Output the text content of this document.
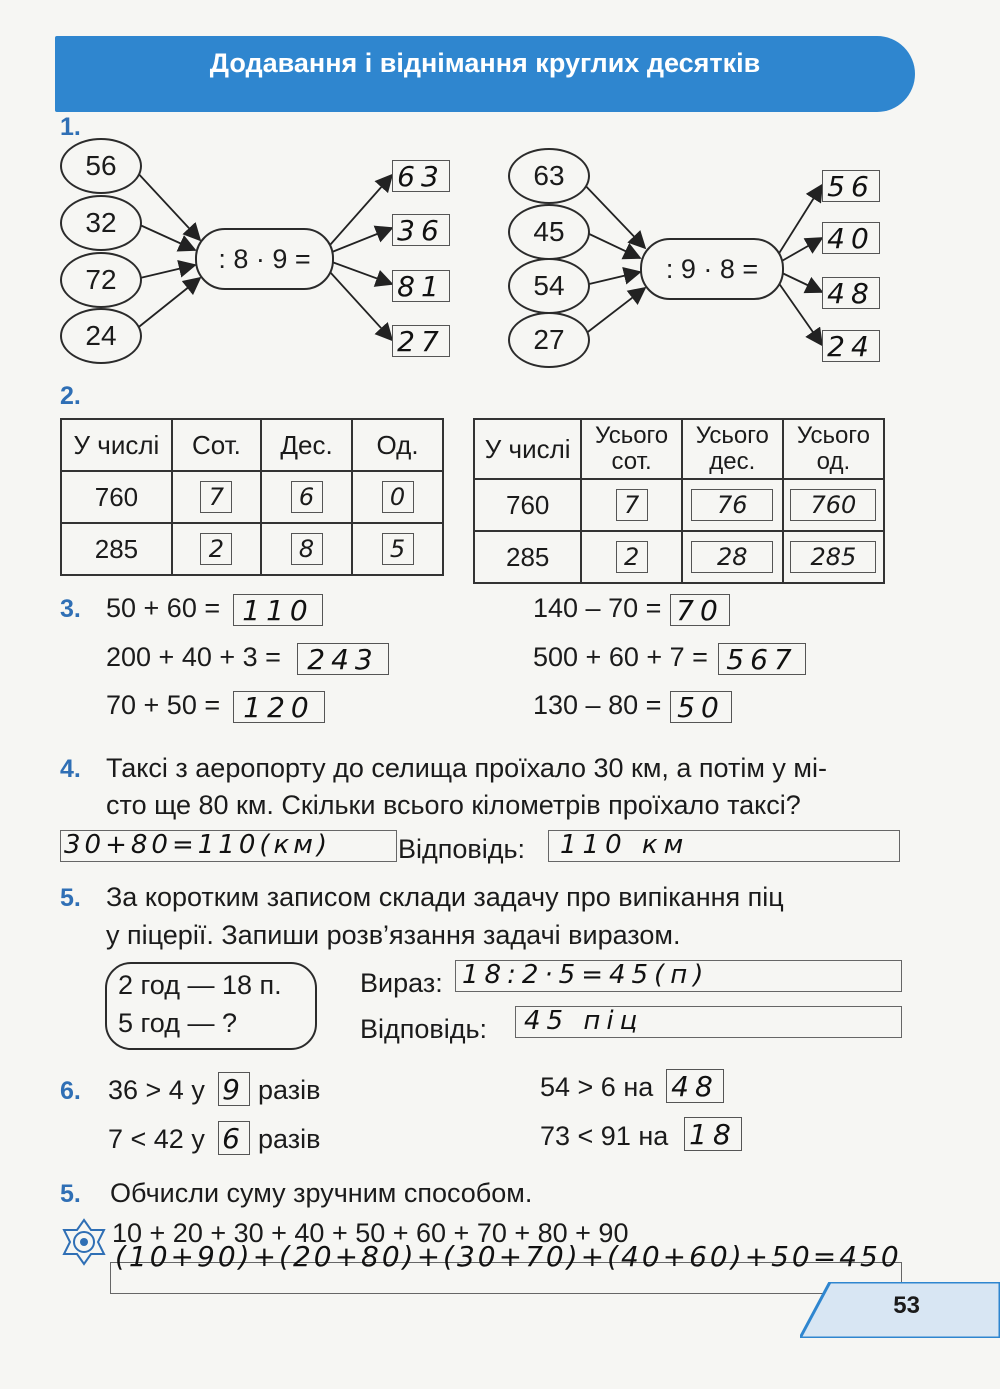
Додавання і віднімання круглих десятків
1.
56
32
72
24
: 8 · 9 =
63
36
81
27
63
45
54
27
: 9 · 8 =
56
40
48
24
2.
У числі	Сот.	Дес.	Од.
760	7	6	0
285	2	8	5
У числі	Усього сот.	Усього дес.	Усього од.
760	7	76	760
285	2	28	285
3. 50 + 60 = 110
200 + 40 + 3 = 243
70 + 50 = 120
140 – 70 = 70
500 + 60 + 7 = 567
130 – 80 = 50
4. Таксі з аеропорту до селища проїхало 30 км, а потім у мі-
сто ще 80 км. Скільки всього кілометрів проїхало таксі?
30+80=110(км) Відповідь: 110 км
5. За коротким записом склади задачу про випікання піц
у піцерії. Запиши розв’язання задачі виразом.
2 год — 18 п.
5 год — ?
Вираз: 18:2·5=45(п)
Відповідь: 45 піц
6. 36 > 4 у 9 разів
7 < 42 у 6 разів
54 > 6 на 48
73 < 91 на 18
5. Обчисли суму зручним способом.
10 + 20 + 30 + 40 + 50 + 60 + 70 + 80 + 90
(10+90)+(20+80)+(30+70)+(40+60)+50=450
53
